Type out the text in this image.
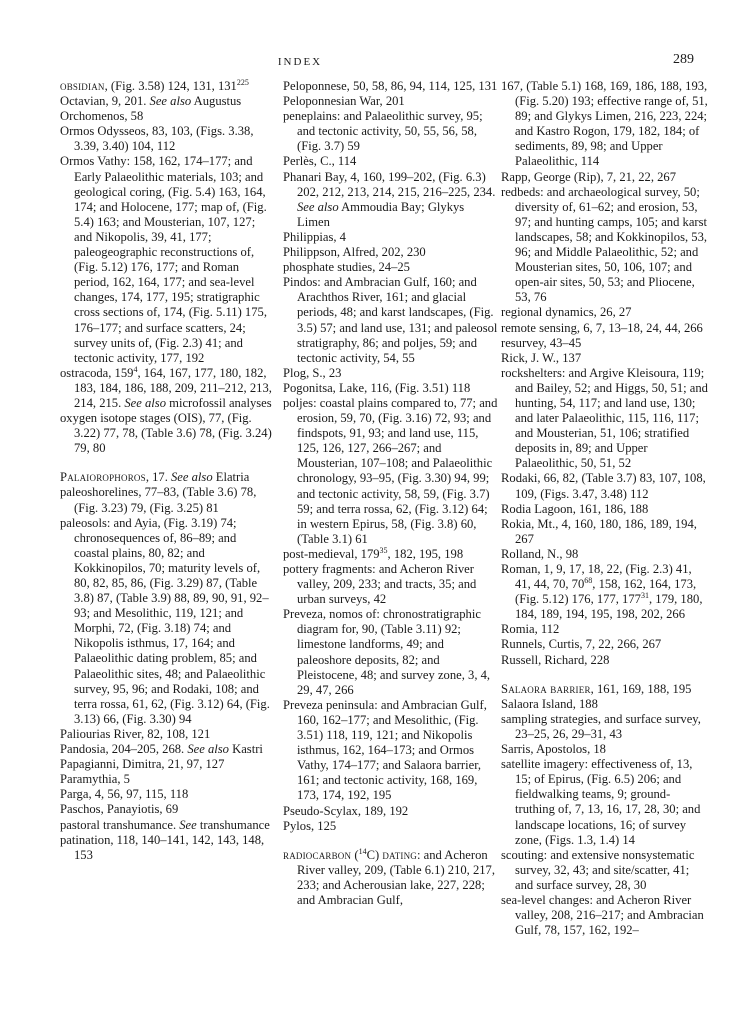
INDEX	289
obsidian, (Fig. 3.58) 124, 131, $131^{225}$
Octavian, 9, 201. See also Augustus
Orchomenos, 58
Ormos Odysseos, 83, 103, (Figs. 3.38, 3.39, 3.40) 104, 112
Ormos Vathy: 158, 162, 174–177; and Early Palaeolithic materials, 103; and geological coring, (Fig. 5.4) 163, 164, 174; and Holocene, 177; map of, (Fig. 5.4) 163; and Mousterian, 107, 127; and Nikopolis, 39, 41, 177; paleogeographic reconstructions of, (Fig. 5.12) 176, 177; and Roman period, 162, 164, 177; and sea-level changes, 174, 177, 195; stratigraphic cross sections of, 174, (Fig. 5.11) 175, 176–177; and surface scatters, 24; survey units of, (Fig. 2.3) 41; and tectonic activity, 177, 192
ostracoda, $159^4$, 164, 167, 177, 180, 182, 183, 184, 186, 188, 209, 211–212, 213, 214, 215. See also microfossil analyses
oxygen isotope stages (OIS), 77, (Fig. 3.22) 77, 78, (Table 3.6) 78, (Fig. 3.24) 79, 80
Palaiorophoros, 17. See also Elatria
paleoshorelines, 77–83, (Table 3.6) 78, (Fig. 3.23) 79, (Fig. 3.25) 81
paleosols: and Ayia, (Fig. 3.19) 74; chronosequences of, 86–89; and coastal plains, 80, 82; and Kokkinopilos, 70; maturity levels of, 80, 82, 85, 86, (Fig. 3.29) 87, (Table 3.8) 87, (Table 3.9) 88, 89, 90, 91, 92–93; and Mesolithic, 119, 121; and Morphi, 72, (Fig. 3.18) 74; and Nikopolis isthmus, 17, 164; and Palaeolithic dating problem, 85; and Palaeolithic sites, 48; and Palaeolithic survey, 95, 96; and Rodaki, 108; and terra rossa, 61, 62, (Fig. 3.12) 64, (Fig. 3.13) 66, (Fig. 3.30) 94
Paliourias River, 82, 108, 121
Pandosia, 204–205, 268. See also Kastri
Papagianni, Dimitra, 21, 97, 127
Paramythia, 5
Parga, 4, 56, 97, 115, 118
Paschos, Panayiotis, 69
pastoral transhumance. See transhumance
patination, 118, 140–141, 142, 143, 148, 153
Peloponnese, 50, 58, 86, 94, 114, 125, 131
Peloponnesian War, 201
peneplains: and Palaeolithic survey, 95; and tectonic activity, 50, 55, 56, 58, (Fig. 3.7) 59
Perlès, C., 114
Phanari Bay, 4, 160, 199–202, (Fig. 6.3) 202, 212, 213, 214, 215, 216–225, 234. See also Ammoudia Bay; Glykys Limen
Philippias, 4
Philippson, Alfred, 202, 230
phosphate studies, 24–25
Pindos: and Ambracian Gulf, 160; and Arachthos River, 161; and glacial periods, 48; and karst landscapes, (Fig. 3.5) 57; and land use, 131; and paleosol stratigraphy, 86; and poljes, 59; and tectonic activity, 54, 55
Plog, S., 23
Pogonitsa, Lake, 116, (Fig. 3.51) 118
poljes: coastal plains compared to, 77; and erosion, 59, 70, (Fig. 3.16) 72, 93; and findspots, 91, 93; and land use, 115, 125, 126, 127, 266–267; and Mousterian, 107–108; and Palaeolithic chronology, 93–95, (Fig. 3.30) 94, 99; and tectonic activity, 58, 59, (Fig. 3.7) 59; and terra rossa, 62, (Fig. 3.12) 64; in western Epirus, 58, (Fig. 3.8) 60, (Table 3.1) 61
post-medieval, $179^{35}$, 182, 195, 198
pottery fragments: and Acheron River valley, 209, 233; and tracts, 35; and urban surveys, 42
Preveza, nomos of: chronostratigraphic diagram for, 90, (Table 3.11) 92; limestone landforms, 49; and paleoshore deposits, 82; and Pleistocene, 48; and survey zone, 3, 4, 29, 47, 266
Preveza peninsula: and Ambracian Gulf, 160, 162–177; and Mesolithic, (Fig. 3.51) 118, 119, 121; and Nikopolis isthmus, 162, 164–173; and Ormos Vathy, 174–177; and Salaora barrier, 161; and tectonic activity, 168, 169, 173, 174, 192, 195
Pseudo-Scylax, 189, 192
Pylos, 125
radiocarbon ($^{14}$C) dating: and Acheron River valley, 209, (Table 6.1) 210, 217, 233; and Acherousian lake, 227, 228; and Ambracian Gulf,
167, (Table 5.1) 168, 169, 186, 188, 193, (Fig. 5.20) 193; effective range of, 51, 89; and Glykys Limen, 216, 223, 224; and Kastro Rogon, 179, 182, 184; of sediments, 89, 98; and Upper Palaeolithic, 114
Rapp, George (Rip), 7, 21, 22, 267
redbeds: and archaeological survey, 50; diversity of, 61–62; and erosion, 53, 97; and hunting camps, 105; and karst landscapes, 58; and Kokkinopilos, 53, 96; and Middle Palaeolithic, 52; and Mousterian sites, 50, 106, 107; and open-air sites, 50, 53; and Pliocene, 53, 76
regional dynamics, 26, 27
remote sensing, 6, 7, 13–18, 24, 44, 266
resurvey, 43–45
Rick, J. W., 137
rockshelters: and Argive Kleisoura, 119; and Bailey, 52; and Higgs, 50, 51; and hunting, 54, 117; and land use, 130; and later Palaeolithic, 115, 116, 117; and Mousterian, 51, 106; stratified deposits in, 89; and Upper Palaeolithic, 50, 51, 52
Rodaki, 66, 82, (Table 3.7) 83, 107, 108, 109, (Figs. 3.47, 3.48) 112
Rodia Lagoon, 161, 186, 188
Rokia, Mt., 4, 160, 180, 186, 189, 194, 267
Rolland, N., 98
Roman, 1, 9, 17, 18, 22, (Fig. 2.3) 41, 41, 44, 70, $70^{68}$, 158, 162, 164, 173, (Fig. 5.12) 176, 177, $177^{31}$, 179, 180, 184, 189, 194, 195, 198, 202, 266
Romia, 112
Runnels, Curtis, 7, 22, 266, 267
Russell, Richard, 228
Salaora barrier, 161, 169, 188, 195
Salaora Island, 188
sampling strategies, and surface survey, 23–25, 26, 29–31, 43
Sarris, Apostolos, 18
satellite imagery: effectiveness of, 13, 15; of Epirus, (Fig. 6.5) 206; and fieldwalking teams, 9; ground-truthing of, 7, 13, 16, 17, 28, 30; and landscape locations, 16; of survey zone, (Figs. 1.3, 1.4) 14
scouting: and extensive nonsystematic survey, 32, 43; and site/scatter, 41; and surface survey, 28, 30
sea-level changes: and Acheron River valley, 208, 216–217; and Ambracian Gulf, 78, 157, 162, 192–
